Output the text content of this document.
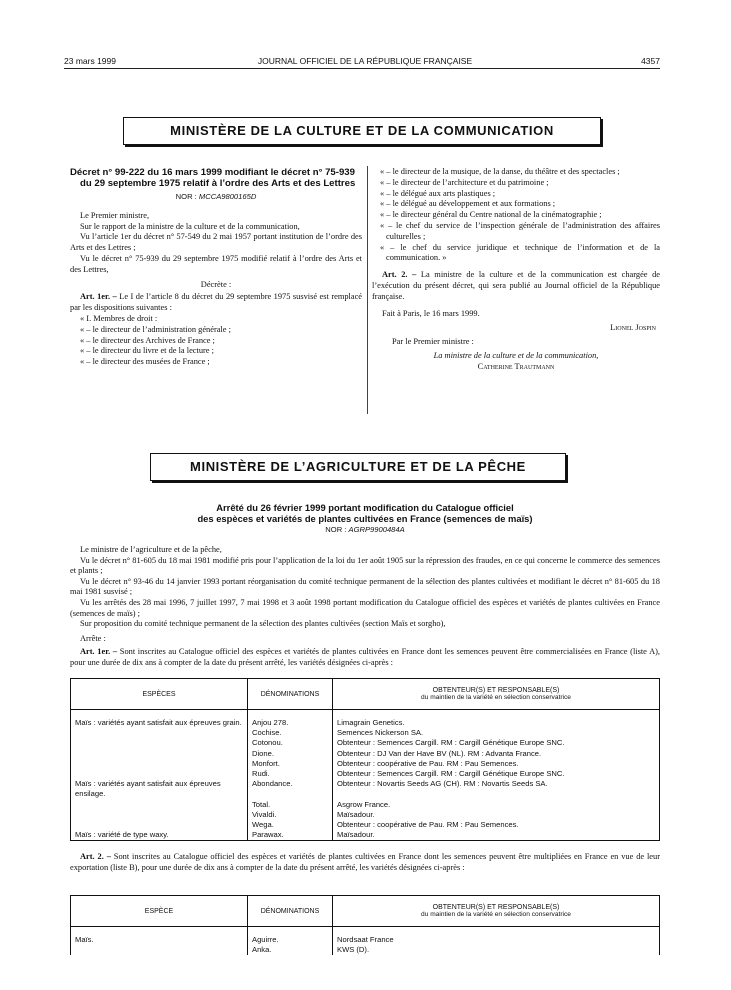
23 mars 1999	JOURNAL OFFICIEL DE LA RÉPUBLIQUE FRANÇAISE	4357
MINISTÈRE DE LA CULTURE ET DE LA COMMUNICATION

Décret n° 99-222 du 16 mars 1999 modifiant le décret n° 75-939 du 29 septembre 1975 relatif à l’ordre des Arts et des Lettres

NOR : MCCA9800165D

Le Premier ministre,

Sur le rapport de la ministre de la culture et de la communication,

Vu l’article 1er du décret n° 57-549 du 2 mai 1957 portant institution de l’ordre des Arts et des Lettres ;

Vu le décret n° 75-939 du 29 septembre 1975 modifié relatif à l’ordre des Arts et des Lettres,

Décrète :

Art. 1er. – Le I de l’article 8 du décret du 29 septembre 1975 susvisé est remplacé par les dispositions suivantes :

« I. Membres de droit :

« – le directeur de l’administration générale ;

« – le directeur des Archives de France ;

« – le directeur du livre et de la lecture ;

« – le directeur des musées de France ;

« – le directeur de la musique, de la danse, du théâtre et des spectacles ;

« – le directeur de l’architecture et du patrimoine ;

« – le délégué aux arts plastiques ;

« – le délégué au développement et aux formations ;

« – le directeur général du Centre national de la cinématographie ;

« – le chef du service de l’inspection générale de l’administration des affaires culturelles ;

« – le chef du service juridique et technique de l’information et de la communication. »

Art. 2. – La ministre de la culture et de la communication est chargée de l’exécution du présent décret, qui sera publié au Journal officiel de la République française.

Fait à Paris, le 16 mars 1999.

Lionel Jospin

Par le Premier ministre :

La ministre de la culture et de la communication,

Catherine Trautmann

MINISTÈRE DE L’AGRICULTURE ET DE LA PÊCHE
Arrêté du 26 février 1999 portant modification du Catalogue officiel
des espèces et variétés de plantes cultivées en France (semences de maïs)
NOR : AGRP9900484A

Le ministre de l’agriculture et de la pêche,

Vu le décret n° 81-605 du 18 mai 1981 modifié pris pour l’application de la loi du 1er août 1905 sur la répression des fraudes, en ce qui concerne le commerce des semences et plants ;

Vu le décret n° 93-46 du 14 janvier 1993 portant réorganisation du comité technique permanent de la sélection des plantes cultivées et modifiant le décret n° 81-605 du 18 mai 1981 susvisé ;

Vu les arrêtés des 28 mai 1996, 7 juillet 1997, 7 mai 1998 et 3 août 1998 portant modification du Catalogue officiel des espèces et variétés de plantes cultivées en France (semences de maïs) ;

Sur proposition du comité technique permanent de la sélection des plantes cultivées (section Maïs et sorgho),

Arrête :

Art. 1er. – Sont inscrites au Catalogue officiel des espèces et variétés de plantes cultivées en France dont les semences peuvent être commercialisées en France (liste A), pour une durée de dix ans à compter de la date du présent arrêté, les variétés désignées ci-après :

ESPÈCES	DÉNOMINATIONS	OBTENTEUR(S) ET RESPONSABLE(S)
du maintien de la variété en sélection conservatrice

Maïs : variétés ayant satisfait aux épreuves grain.	Anjou 278.	Limagrain Genetics.
	Cochise.	Semences Nickerson SA.
	Cotonou.	Obtenteur : Semences Cargill. RM : Cargill Génétique Europe SNC.
	Dione.	Obtenteur : DJ Van der Have BV (NL). RM : Advanta France.
	Monfort.	Obtenteur : coopérative de Pau. RM : Pau Semences.
	Rudi.	Obtenteur : Semences Cargill. RM : Cargill Génétique Europe SNC.
Maïs : variétés ayant satisfait aux épreuves ensilage.	Abondance.	Obtenteur : Novartis Seeds AG (CH). RM : Novartis Seeds SA.
	Total.	Asgrow France.
	Vivaldi.	Maïsadour.
	Wega.	Obtenteur : coopérative de Pau. RM : Pau Semences.
Maïs : variété de type waxy.	Parawax.	Maïsadour.

Art. 2. – Sont inscrites au Catalogue officiel des espèces et variétés de plantes cultivées en France dont les semences peuvent être multipliées en France en vue de leur exportation (liste B), pour une durée de dix ans à compter de la date du présent arrêté, les variétés désignées ci-après :

ESPÈCE	DÉNOMINATIONS	OBTENTEUR(S) ET RESPONSABLE(S)
du maintien de la variété en sélection conservatrice

Maïs.	Aguirre.	Nordsaat France
	Anka.	KWS (D).
